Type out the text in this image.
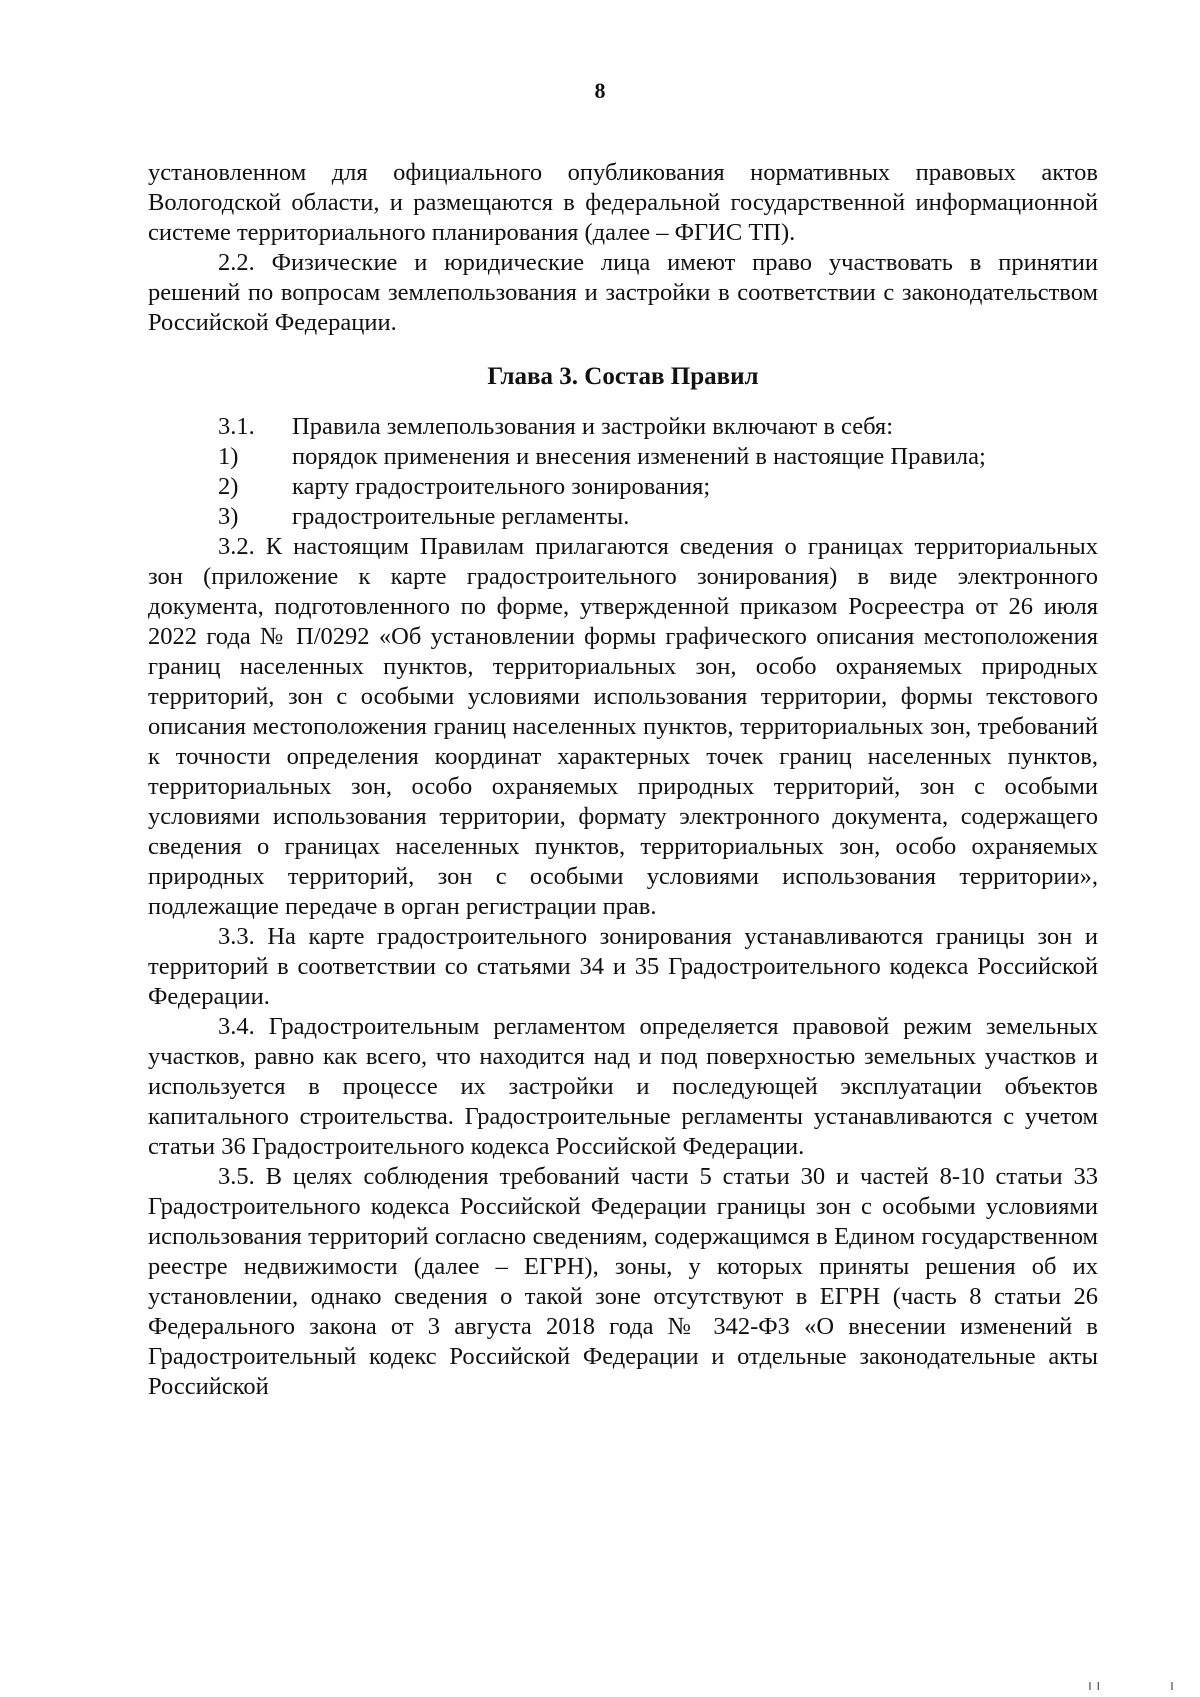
8

установленном для официального опубликования нормативных правовых актов Вологодской области, и размещаются в федеральной государственной информационной системе территориального планирования (далее – ФГИС ТП).

2.2. Физические и юридические лица имеют право участвовать в принятии решений по вопросам землепользования и застройки в соответствии с законодательством Российской Федерации.

Глава 3. Состав Правил

3.1.	Правила землепользования и застройки включают в себя:

1)	порядок применения и внесения изменений в настоящие Правила;

2)	карту градостроительного зонирования;

3)	градостроительные регламенты.

3.2. К настоящим Правилам прилагаются сведения о границах территориальных зон (приложение к карте градостроительного зонирования) в виде электронного документа, подготовленного по форме, утвержденной приказом Росреестра от 26 июля 2022 года № П/0292 «Об установлении формы графического описания местоположения границ населенных пунктов, территориальных зон, особо охраняемых природных территорий, зон с особыми условиями использования территории, формы текстового описания местоположения границ населенных пунктов, территориальных зон, требований к точности определения координат характерных точек границ населенных пунктов, территориальных зон, особо охраняемых природных территорий, зон с особыми условиями использования территории, формату электронного документа, содержащего сведения о границах населенных пунктов, территориальных зон, особо охраняемых природных территорий, зон с особыми условиями использования территории», подлежащие передаче в орган регистрации прав.

3.3. На карте градостроительного зонирования устанавливаются границы зон и территорий в соответствии со статьями 34 и 35 Градостроительного кодекса Российской Федерации.

3.4. Градостроительным регламентом определяется правовой режим земельных участков, равно как всего, что находится над и под поверхностью земельных участков и используется в процессе их застройки и последующей эксплуатации объектов капитального строительства. Градостроительные регламенты устанавливаются с учетом статьи 36 Градостроительного кодекса Российской Федерации.

3.5. В целях соблюдения требований части 5 статьи 30 и частей 8-10 статьи 33 Градостроительного кодекса Российской Федерации границы зон с особыми условиями использования территорий согласно сведениям, содержащимся в Едином государственном реестре недвижимости (далее – ЕГРН), зоны, у которых приняты решения об их установлении, однако сведения о такой зоне отсутствуют в ЕГРН (часть 8 статьи 26 Федерального закона от 3 августа 2018 года № 342-ФЗ «О внесении изменений в Градостроительный кодекс Российской Федерации и отдельные законодательные акты Российской

ı ı	ı
